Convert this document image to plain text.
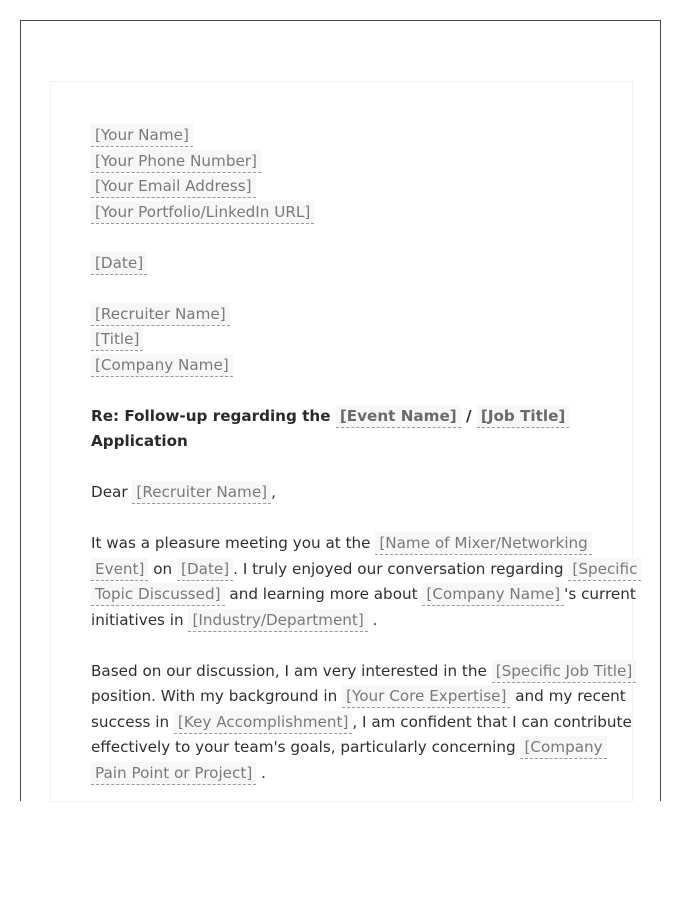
[Your Name]
[Your Phone Number]
[Your Email Address]
[Your Portfolio/LinkedIn URL]
[Date]
[Recruiter Name]
[Title]
[Company Name]
Re: Follow-up regarding the [Event Name] / [Job Title]
Application
Dear [Recruiter Name] ,
It was a pleasure meeting you at the [Name of Mixer/Networking
Event] on [Date] . I truly enjoyed our conversation regarding [Specific
Topic Discussed] and learning more about [Company Name] 's current
initiatives in [Industry/Department] .
Based on our discussion, I am very interested in the [Specific Job Title]
position. With my background in [Your Core Expertise] and my recent
success in [Key Accomplishment] , I am confident that I can contribute
effectively to your team's goals, particularly concerning [Company
Pain Point or Project] .
